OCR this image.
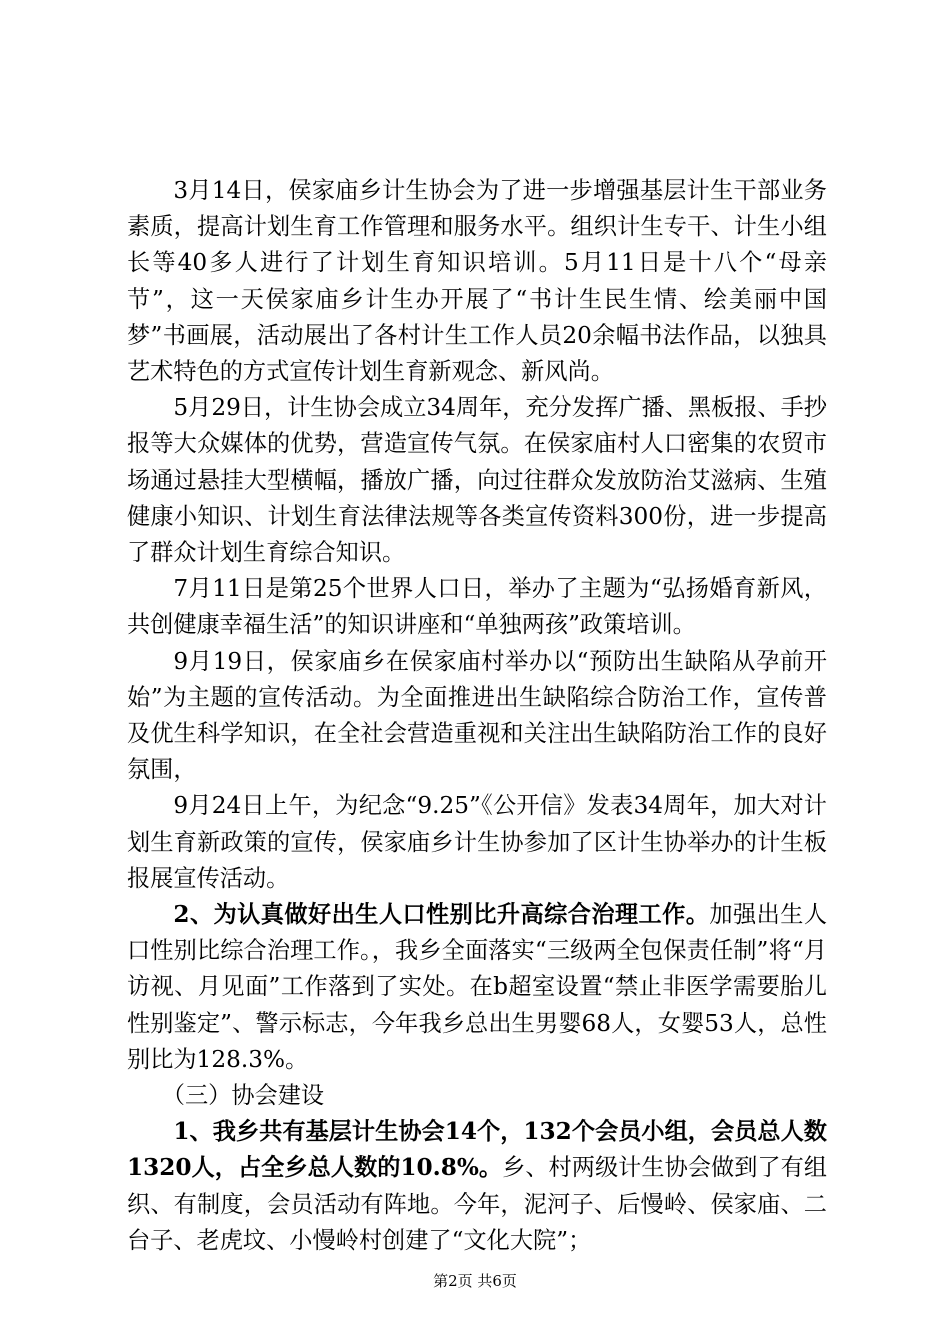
3月14日，侯家庙乡计生协会为了进一步增强基层计生干部业务素质，提高计划生育工作管理和服务水平。组织计生专干、计生小组长等40多人进行了计划生育知识培训。5月11日是十八个“母亲节”，这一天侯家庙乡计生办开展了“书计生民生情、绘美丽中国梦”书画展，活动展出了各村计生工作人员20余幅书法作品，以独具艺术特色的方式宣传计划生育新观念、新风尚。

5月29日，计生协会成立34周年，充分发挥广播、黑板报、手抄报等大众媒体的优势，营造宣传气氛。在侯家庙村人口密集的农贸市场通过悬挂大型横幅，播放广播，向过往群众发放防治艾滋病、生殖健康小知识、计划生育法律法规等各类宣传资料300份，进一步提高了群众计划生育综合知识。

7月11日是第25个世界人口日，举办了主题为“弘扬婚育新风，共创健康幸福生活”的知识讲座和“单独两孩”政策培训。

9月19日，侯家庙乡在侯家庙村举办以“预防出生缺陷从孕前开始”为主题的宣传活动。为全面推进出生缺陷综合防治工作，宣传普及优生科学知识，在全社会营造重视和关注出生缺陷防治工作的良好氛围，

9月24日上午，为纪念“9.25”《公开信》发表34周年，加大对计划生育新政策的宣传，侯家庙乡计生协参加了区计生协举办的计生板报展宣传活动。

2、为认真做好出生人口性别比升高综合治理工作。加强出生人口性别比综合治理工作。，我乡全面落实“三级两全包保责任制”将“月访视、月见面”工作落到了实处。在b超室设置“禁止非医学需要胎儿性别鉴定”、警示标志，今年我乡总出生男婴68人，女婴53人，总性别比为128.3%。

（三）协会建设

1、我乡共有基层计生协会14个，132个会员小组，会员总人数1320人，占全乡总人数的10.8%。乡、村两级计生协会做到了有组织、有制度，会员活动有阵地。今年，泥河子、后慢岭、侯家庙、二台子、老虎坟、小慢岭村创建了“文化大院”；

第2页 共6页
